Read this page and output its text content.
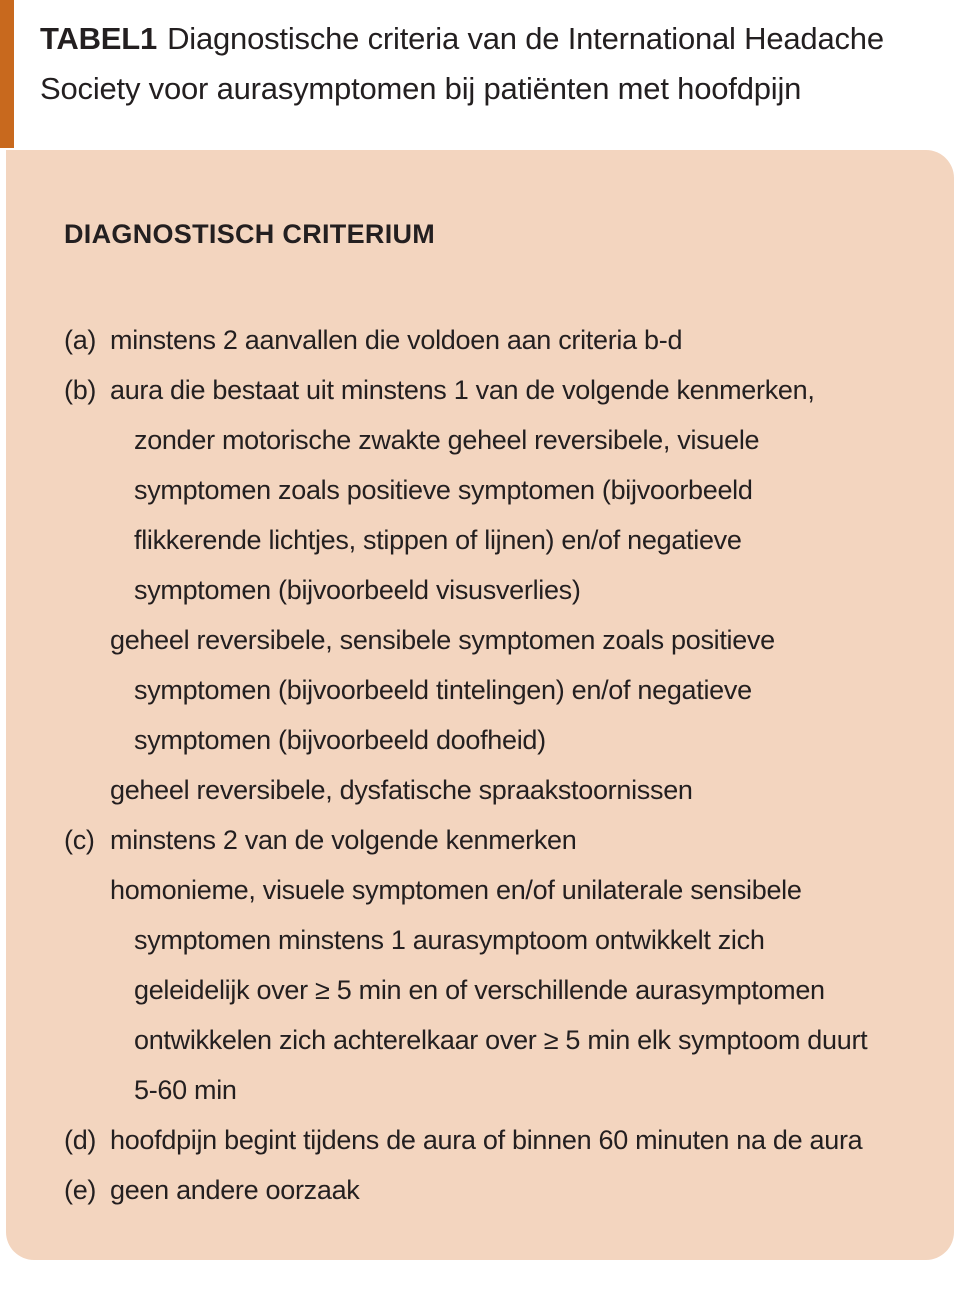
TABEL1 Diagnostische criteria van de International Headache
Society voor aurasymptomen bij patiënten met hoofdpijn
DIAGNOSTISCH CRITERIUM
(a) minstens 2 aanvallen die voldoen aan criteria b-d
(b) aura die bestaat uit minstens 1 van de volgende kenmerken,
zonder motorische zwakte geheel reversibele, visuele
symptomen zoals positieve symptomen (bijvoorbeeld
flikkerende lichtjes, stippen of lijnen) en/of negatieve
symptomen (bijvoorbeeld visusverlies)
geheel reversibele, sensibele symptomen zoals positieve
symptomen (bijvoorbeeld tintelingen) en/of negatieve
symptomen (bijvoorbeeld doofheid)
geheel reversibele, dysfatische spraakstoornissen
(c) minstens 2 van de volgende kenmerken
homonieme, visuele symptomen en/of unilaterale sensibele
symptomen minstens 1 aurasymptoom ontwikkelt zich
geleidelijk over ≥ 5 min en of verschillende aurasymptomen
ontwikkelen zich achterelkaar over ≥ 5 min elk symptoom duurt
5-60 min
(d) hoofdpijn begint tijdens de aura of binnen 60 minuten na de aura
(e) geen andere oorzaak
